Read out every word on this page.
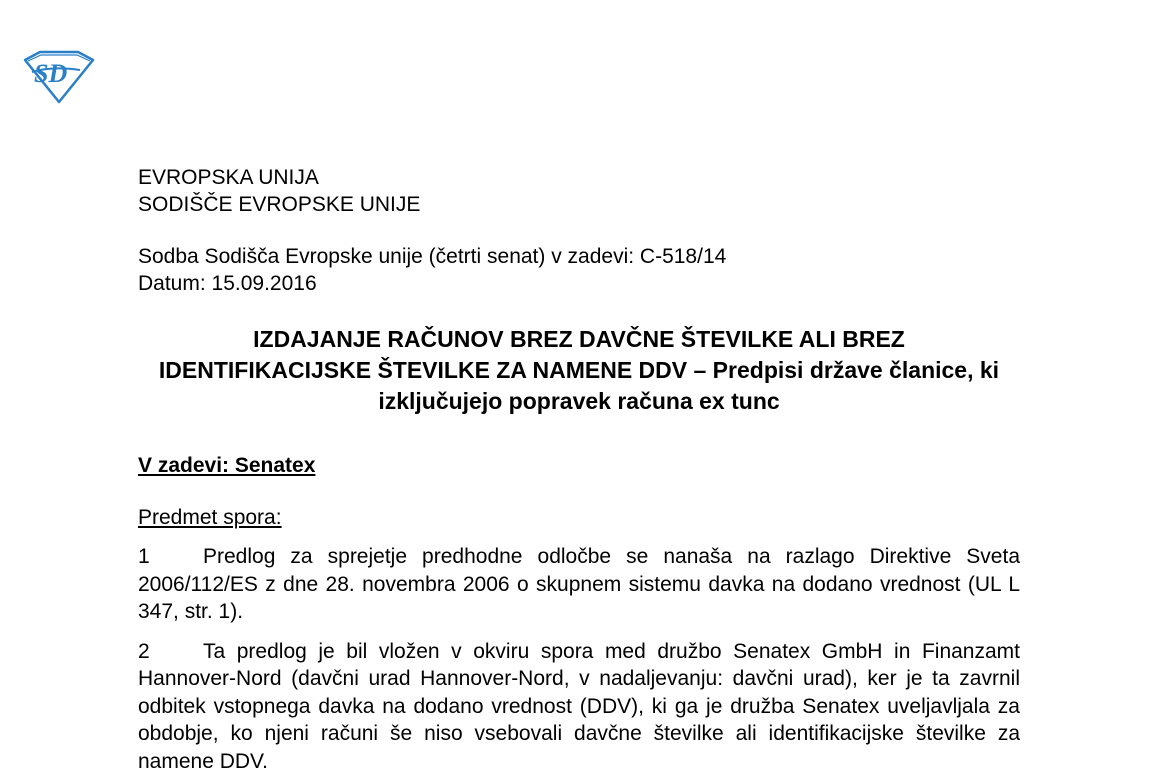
SD
EVROPSKA UNIJA
SODIŠČE EVROPSKE UNIJE
Sodba Sodišča Evropske unije (četrti senat) v zadevi: C-518/14
Datum: 15.09.2016
IZDAJANJE RAČUNOV BREZ DAVČNE ŠTEVILKE ALI BREZ IDENTIFIKACIJSKE ŠTEVILKE ZA NAMENE DDV – Predpisi države članice, ki izključujejo popravek računa ex tunc
V zadevi: Senatex
Predmet spora:
1	Predlog za sprejetje predhodne odločbe se nanaša na razlago Direktive Sveta 2006/112/ES z dne 28. novembra 2006 o skupnem sistemu davka na dodano vrednost (UL L 347, str. 1).
2	Ta predlog je bil vložen v okviru spora med družbo Senatex GmbH in Finanzamt Hannover-Nord (davčni urad Hannover-Nord, v nadaljevanju: davčni urad), ker je ta zavrnil odbitek vstopnega davka na dodano vrednost (DDV), ki ga je družba Senatex uveljavljala za obdobje, ko njeni računi še niso vsebovali davčne številke ali identifikacijske številke za namene DDV.
